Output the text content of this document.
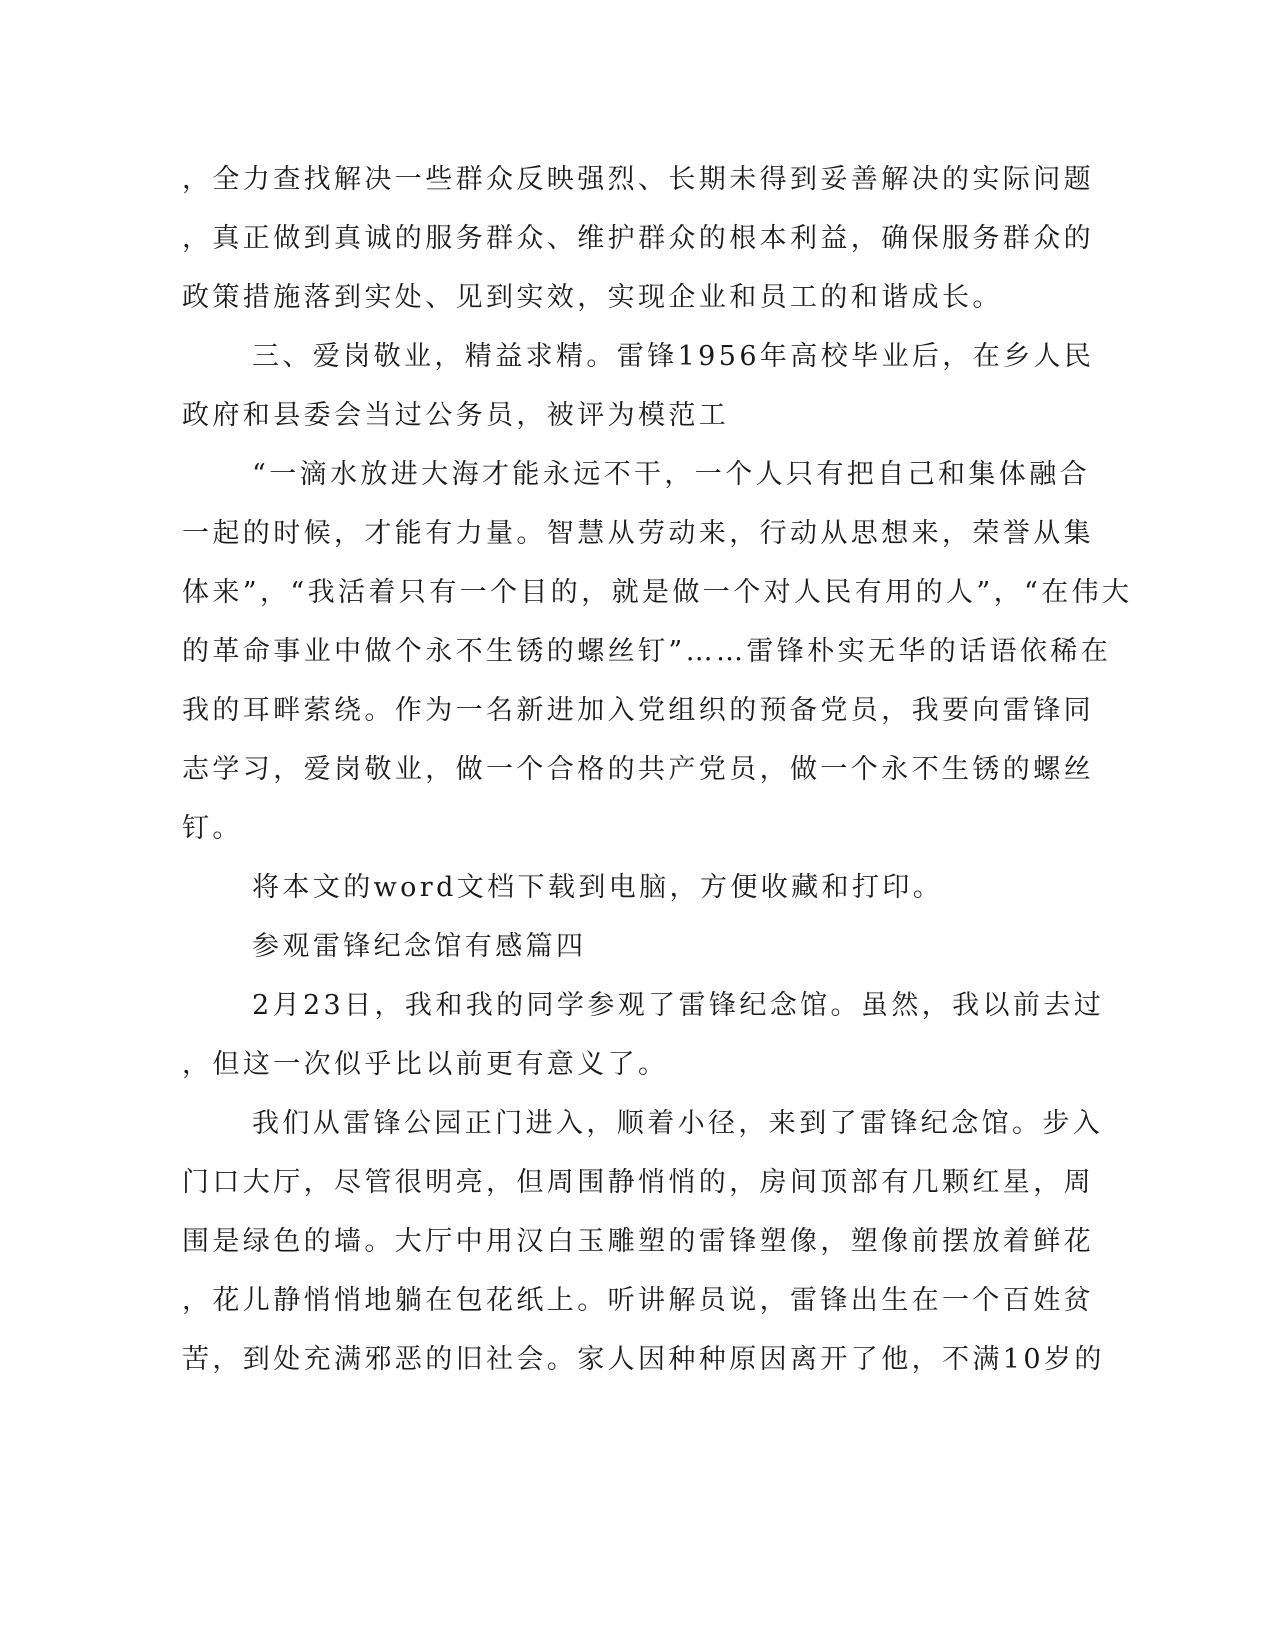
，全力查找解决一些群众反映强烈、长期未得到妥善解决的实际问题
，真正做到真诚的服务群众、维护群众的根本利益，确保服务群众的
政策措施落到实处、见到实效，实现企业和员工的和谐成长。
三、爱岗敬业，精益求精。雷锋1956年高校毕业后，在乡人民
政府和县委会当过公务员，被评为模范工
“一滴水放进大海才能永远不干，一个人只有把自己和集体融合
一起的时候，才能有力量。智慧从劳动来，行动从思想来，荣誉从集
体来”，“我活着只有一个目的，就是做一个对人民有用的人”，“在伟大
的革命事业中做个永不生锈的螺丝钉”……雷锋朴实无华的话语依稀在
我的耳畔萦绕。作为一名新进加入党组织的预备党员，我要向雷锋同
志学习，爱岗敬业，做一个合格的共产党员，做一个永不生锈的螺丝
钉。
将本文的word文档下载到电脑，方便收藏和打印。
参观雷锋纪念馆有感篇四
2月23日，我和我的同学参观了雷锋纪念馆。虽然，我以前去过
，但这一次似乎比以前更有意义了。
我们从雷锋公园正门进入，顺着小径，来到了雷锋纪念馆。步入
门口大厅，尽管很明亮，但周围静悄悄的，房间顶部有几颗红星，周
围是绿色的墙。大厅中用汉白玉雕塑的雷锋塑像，塑像前摆放着鲜花
，花儿静悄悄地躺在包花纸上。听讲解员说，雷锋出生在一个百姓贫
苦，到处充满邪恶的旧社会。家人因种种原因离开了他，不满10岁的
